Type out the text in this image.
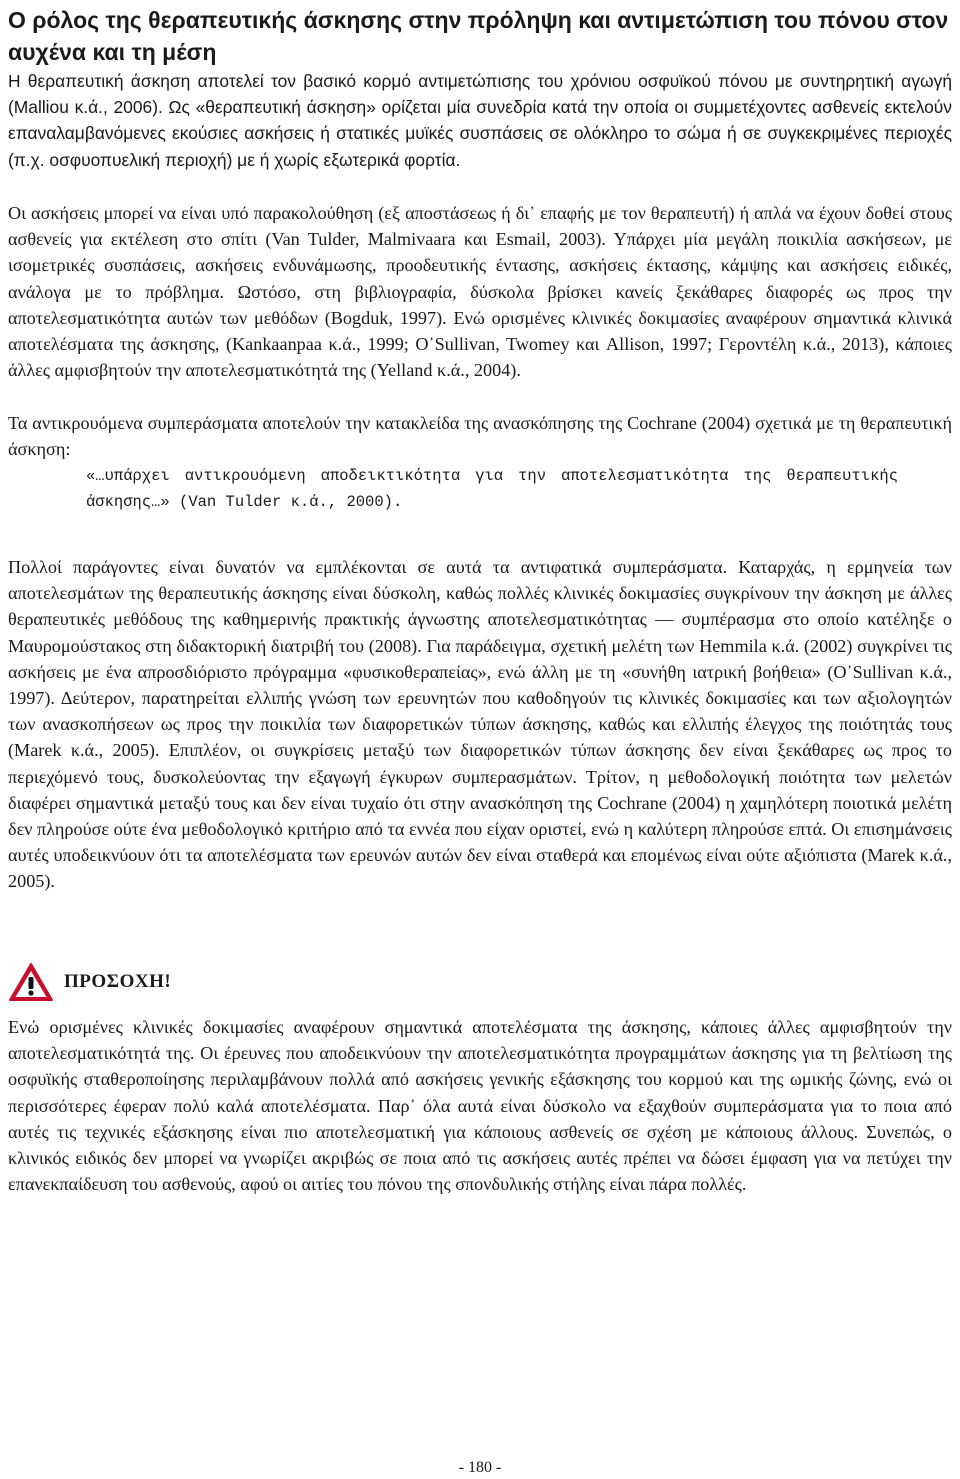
Ο ρόλος της θεραπευτικής άσκησης στην πρόληψη και αντιμετώπιση του πόνου στον αυχένα και τη μέση

Η θεραπευτική άσκηση αποτελεί τον βασικό κορμό αντιμετώπισης του χρόνιου οσφυϊκού πόνου με συντηρητική αγωγή (Malliou κ.ά., 2006). Ως «θεραπευτική άσκηση» ορίζεται μία συνεδρία κατά την οποία οι συμμετέχοντες ασθενείς εκτελούν επαναλαμβανόμενες εκούσιες ασκήσεις ή στατικές μυϊκές συσπάσεις σε ολόκληρο το σώμα ή σε συγκεκριμένες περιοχές (π.χ. οσφυοπυελική περιοχή) με ή χωρίς εξωτερικά φορτία.

Οι ασκήσεις μπορεί να είναι υπό παρακολούθηση (εξ αποστάσεως ή δι᾽ επαφής με τον θεραπευτή) ή απλά να έχουν δοθεί στους ασθενείς για εκτέλεση στο σπίτι (Van Tulder, Malmivaara και Esmail, 2003). Υπάρχει μία μεγάλη ποικιλία ασκήσεων, με ισομετρικές συσπάσεις, ασκήσεις ενδυνάμωσης, προοδευτικής έντασης, ασκήσεις έκτασης, κάμψης και ασκήσεις ειδικές, ανάλογα με το πρόβλημα. Ωστόσο, στη βιβλιογραφία, δύσκολα βρίσκει κανείς ξεκάθαρες διαφορές ως προς την αποτελεσματικότητα αυτών των μεθόδων (Bogduk, 1997). Ενώ ορισμένες κλινικές δοκιμασίες αναφέρουν σημαντικά κλινικά αποτελέσματα της άσκησης, (Kankaanpaa κ.ά., 1999; O᾽Sullivan, Twomey και Allison, 1997; Γεροντέλη κ.ά., 2013), κάποιες άλλες αμφισβητούν την αποτελεσματικότητά της (Yelland κ.ά., 2004).

Τα αντικρουόμενα συμπεράσματα αποτελούν την κατακλείδα της ανασκόπησης της Cochrane (2004) σχετικά με τη θεραπευτική άσκηση:

«…υπάρχει αντικρουόμενη αποδεικτικότητα για την αποτελεσματικότητα της θεραπευτικής άσκησης…» (Van Tulder κ.ά., 2000).

Πολλοί παράγοντες είναι δυνατόν να εμπλέκονται σε αυτά τα αντιφατικά συμπεράσματα. Καταρχάς, η ερμηνεία των αποτελεσμάτων της θεραπευτικής άσκησης είναι δύσκολη, καθώς πολλές κλινικές δοκιμασίες συγκρίνουν την άσκηση με άλλες θεραπευτικές μεθόδους της καθημερινής πρακτικής άγνωστης αποτελεσματικότητας — συμπέρασμα στο οποίο κατέληξε ο Μαυρομούστακος στη διδακτορική διατριβή του (2008). Για παράδειγμα, σχετική μελέτη των Hemmila κ.ά. (2002) συγκρίνει τις ασκήσεις με ένα απροσδιόριστο πρόγραμμα «φυσικοθεραπείας», ενώ άλλη με τη «συνήθη ιατρική βοήθεια» (O᾽Sullivan κ.ά., 1997). Δεύτερον, παρατηρείται ελλιπής γνώση των ερευνητών που καθοδηγούν τις κλινικές δοκιμασίες και των αξιολογητών των ανασκοπήσεων ως προς την ποικιλία των διαφορετικών τύπων άσκησης, καθώς και ελλιπής έλεγχος της ποιότητάς τους (Marek κ.ά., 2005). Επιπλέον, οι συγκρίσεις μεταξύ των διαφορετικών τύπων άσκησης δεν είναι ξεκάθαρες ως προς το περιεχόμενό τους, δυσκολεύοντας την εξαγωγή έγκυρων συμπερασμάτων. Τρίτον, η μεθοδολογική ποιότητα των μελετών διαφέρει σημαντικά μεταξύ τους και δεν είναι τυχαίο ότι στην ανασκόπηση της Cochrane (2004) η χαμηλότερη ποιοτικά μελέτη δεν πληρούσε ούτε ένα μεθοδολογικό κριτήριο από τα εννέα που είχαν οριστεί, ενώ η καλύτερη πληρούσε επτά. Οι επισημάνσεις αυτές υποδεικνύουν ότι τα αποτελέσματα των ερευνών αυτών δεν είναι σταθερά και επομένως είναι ούτε αξιόπιστα (Marek κ.ά., 2005).

ΠΡΟΣΟΧΗ!

Ενώ ορισμένες κλινικές δοκιμασίες αναφέρουν σημαντικά αποτελέσματα της άσκησης, κάποιες άλλες αμφισβητούν την αποτελεσματικότητά της. Οι έρευνες που αποδεικνύουν την αποτελεσματικότητα προγραμμάτων άσκησης για τη βελτίωση της οσφυϊκής σταθεροποίησης περιλαμβάνουν πολλά από ασκήσεις γενικής εξάσκησης του κορμού και της ωμικής ζώνης, ενώ οι περισσότερες έφεραν πολύ καλά αποτελέσματα. Παρ᾽ όλα αυτά είναι δύσκολο να εξαχθούν συμπεράσματα για το ποια από αυτές τις τεχνικές εξάσκησης είναι πιο αποτελεσματική για κάποιους ασθενείς σε σχέση με κάποιους άλλους. Συνεπώς, ο κλινικός ειδικός δεν μπορεί να γνωρίζει ακριβώς σε ποια από τις ασκήσεις αυτές πρέπει να δώσει έμφαση για να πετύχει την επανεκπαίδευση του ασθενούς, αφού οι αιτίες του πόνου της σπονδυλικής στήλης είναι πάρα πολλές.

- 180 -
